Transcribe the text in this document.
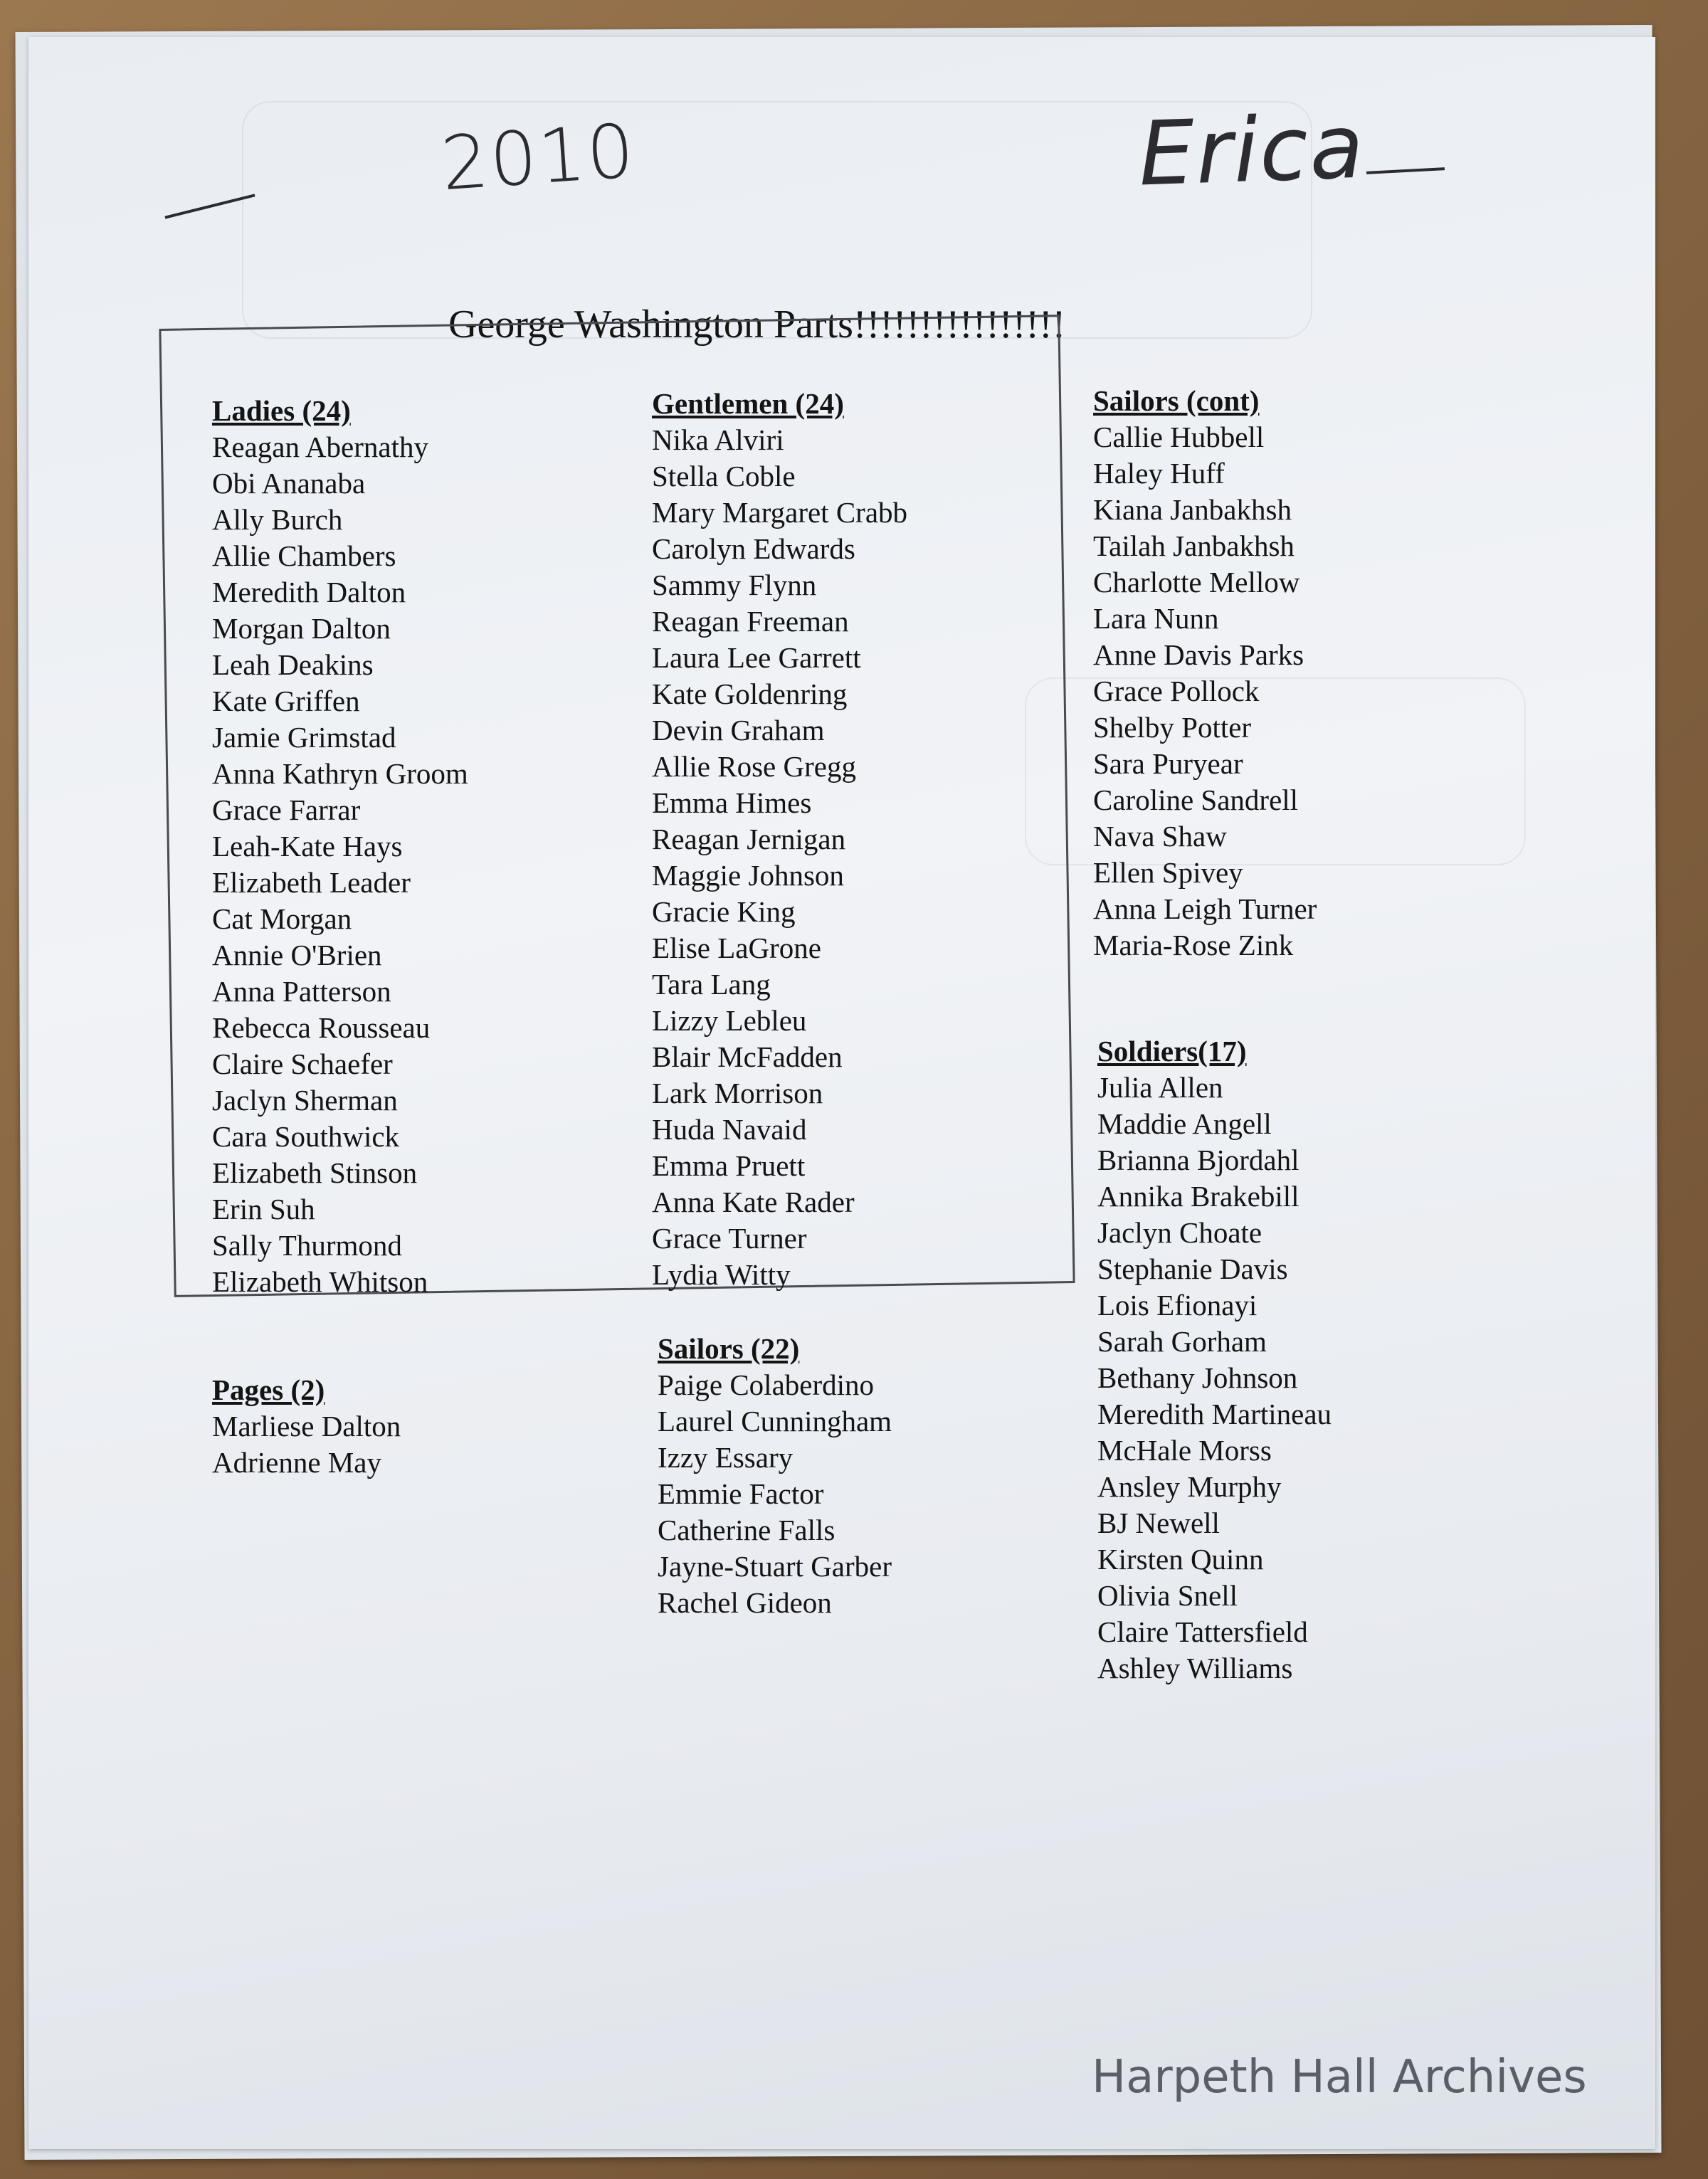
2010	Erica
George Washington Parts!!!!!!!!!!!!!!!!
Ladies (24)
Reagan Abernathy
Obi Ananaba
Ally Burch
Allie Chambers
Meredith Dalton
Morgan Dalton
Leah Deakins
Kate Griffen
Jamie Grimstad
Anna Kathryn Groom
Grace Farrar
Leah-Kate Hays
Elizabeth Leader
Cat Morgan
Annie O'Brien
Anna Patterson
Rebecca Rousseau
Claire Schaefer
Jaclyn Sherman
Cara Southwick
Elizabeth Stinson
Erin Suh
Sally Thurmond
Elizabeth Whitson
Gentlemen (24)
Nika Alviri
Stella Coble
Mary Margaret Crabb
Carolyn Edwards
Sammy Flynn
Reagan Freeman
Laura Lee Garrett
Kate Goldenring
Devin Graham
Allie Rose Gregg
Emma Himes
Reagan Jernigan
Maggie Johnson
Gracie King
Elise LaGrone
Tara Lang
Lizzy Lebleu
Blair McFadden
Lark Morrison
Huda Navaid
Emma Pruett
Anna Kate Rader
Grace Turner
Lydia Witty
Sailors (22)
Paige Colaberdino
Laurel Cunningham
Izzy Essary
Emmie Factor
Catherine Falls
Jayne-Stuart Garber
Rachel Gideon
Sailors (cont)
Callie Hubbell
Haley Huff
Kiana Janbakhsh
Tailah Janbakhsh
Charlotte Mellow
Lara Nunn
Anne Davis Parks
Grace Pollock
Shelby Potter
Sara Puryear
Caroline Sandrell
Nava Shaw
Ellen Spivey
Anna Leigh Turner
Maria-Rose Zink
Soldiers(17)
Julia Allen
Maddie Angell
Brianna Bjordahl
Annika Brakebill
Jaclyn Choate
Stephanie Davis
Lois Efionayi
Sarah Gorham
Bethany Johnson
Meredith Martineau
McHale Morss
Ansley Murphy
BJ Newell
Kirsten Quinn
Olivia Snell
Claire Tattersfield
Ashley Williams
Pages (2)
Marliese Dalton
Adrienne May
Harpeth Hall Archives
